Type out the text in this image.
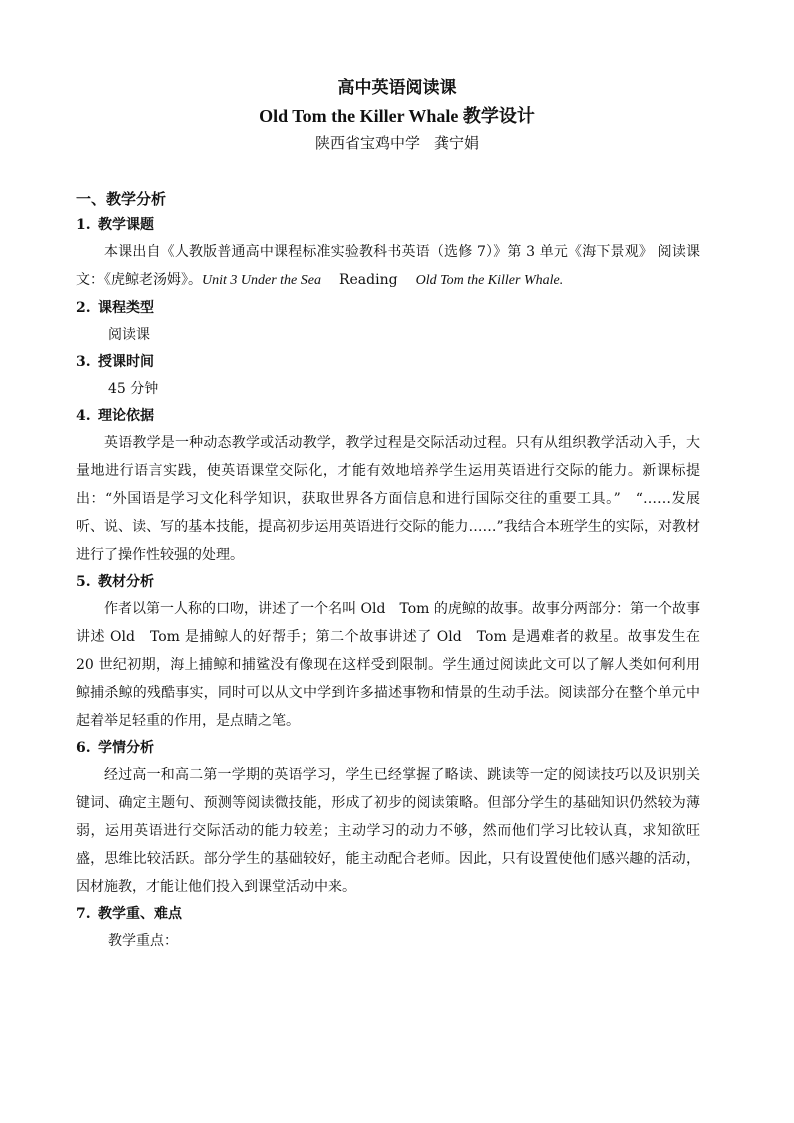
高中英语阅读课
Old Tom the Killer Whale 教学设计
陕西省宝鸡中学 龚宁娟

一、教学分析

1. 教学课题

本课出自《人教版普通高中课程标准实验教科书英语（选修 7）》第 3 单元《海下景观》 阅读课文：《虎鲸老汤姆》。Unit 3 Under the Sea Reading Old Tom the Killer Whale.

2. 课程类型

阅读课

3. 授课时间

45 分钟

4. 理论依据

英语教学是一种动态教学或活动教学，教学过程是交际活动过程。只有从组织教学活动入手，大量地进行语言实践，使英语课堂交际化，才能有效地培养学生运用英语进行交际的能力。新课标提出：“外国语是学习文化科学知识，获取世界各方面信息和进行国际交往的重要工具。”　“……发展听、说、读、写的基本技能，提高初步运用英语进行交际的能力……”我结合本班学生的实际，对教材进行了操作性较强的处理。

5. 教材分析

作者以第一人称的口吻，讲述了一个名叫 Old　Tom 的虎鲸的故事。故事分两部分：第一个故事讲述 Old　Tom 是捕鲸人的好帮手；第二个故事讲述了 Old　Tom 是遇难者的救星。故事发生在 20 世纪初期，海上捕鲸和捕鲨没有像现在这样受到限制。学生通过阅读此文可以了解人类如何利用鲸捕杀鲸的残酷事实，同时可以从文中学到许多描述事物和情景的生动手法。阅读部分在整个单元中起着举足轻重的作用，是点睛之笔。

6. 学情分析

经过高一和高二第一学期的英语学习，学生已经掌握了略读、跳读等一定的阅读技巧以及识别关键词、确定主题句、预测等阅读微技能，形成了初步的阅读策略。但部分学生的基础知识仍然较为薄弱，运用英语进行交际活动的能力较差；主动学习的动力不够，然而他们学习比较认真，求知欲旺盛，思维比较活跃。部分学生的基础较好，能主动配合老师。因此，只有设置使他们感兴趣的活动，因材施教，才能让他们投入到课堂活动中来。

7. 教学重、难点

教学重点：
